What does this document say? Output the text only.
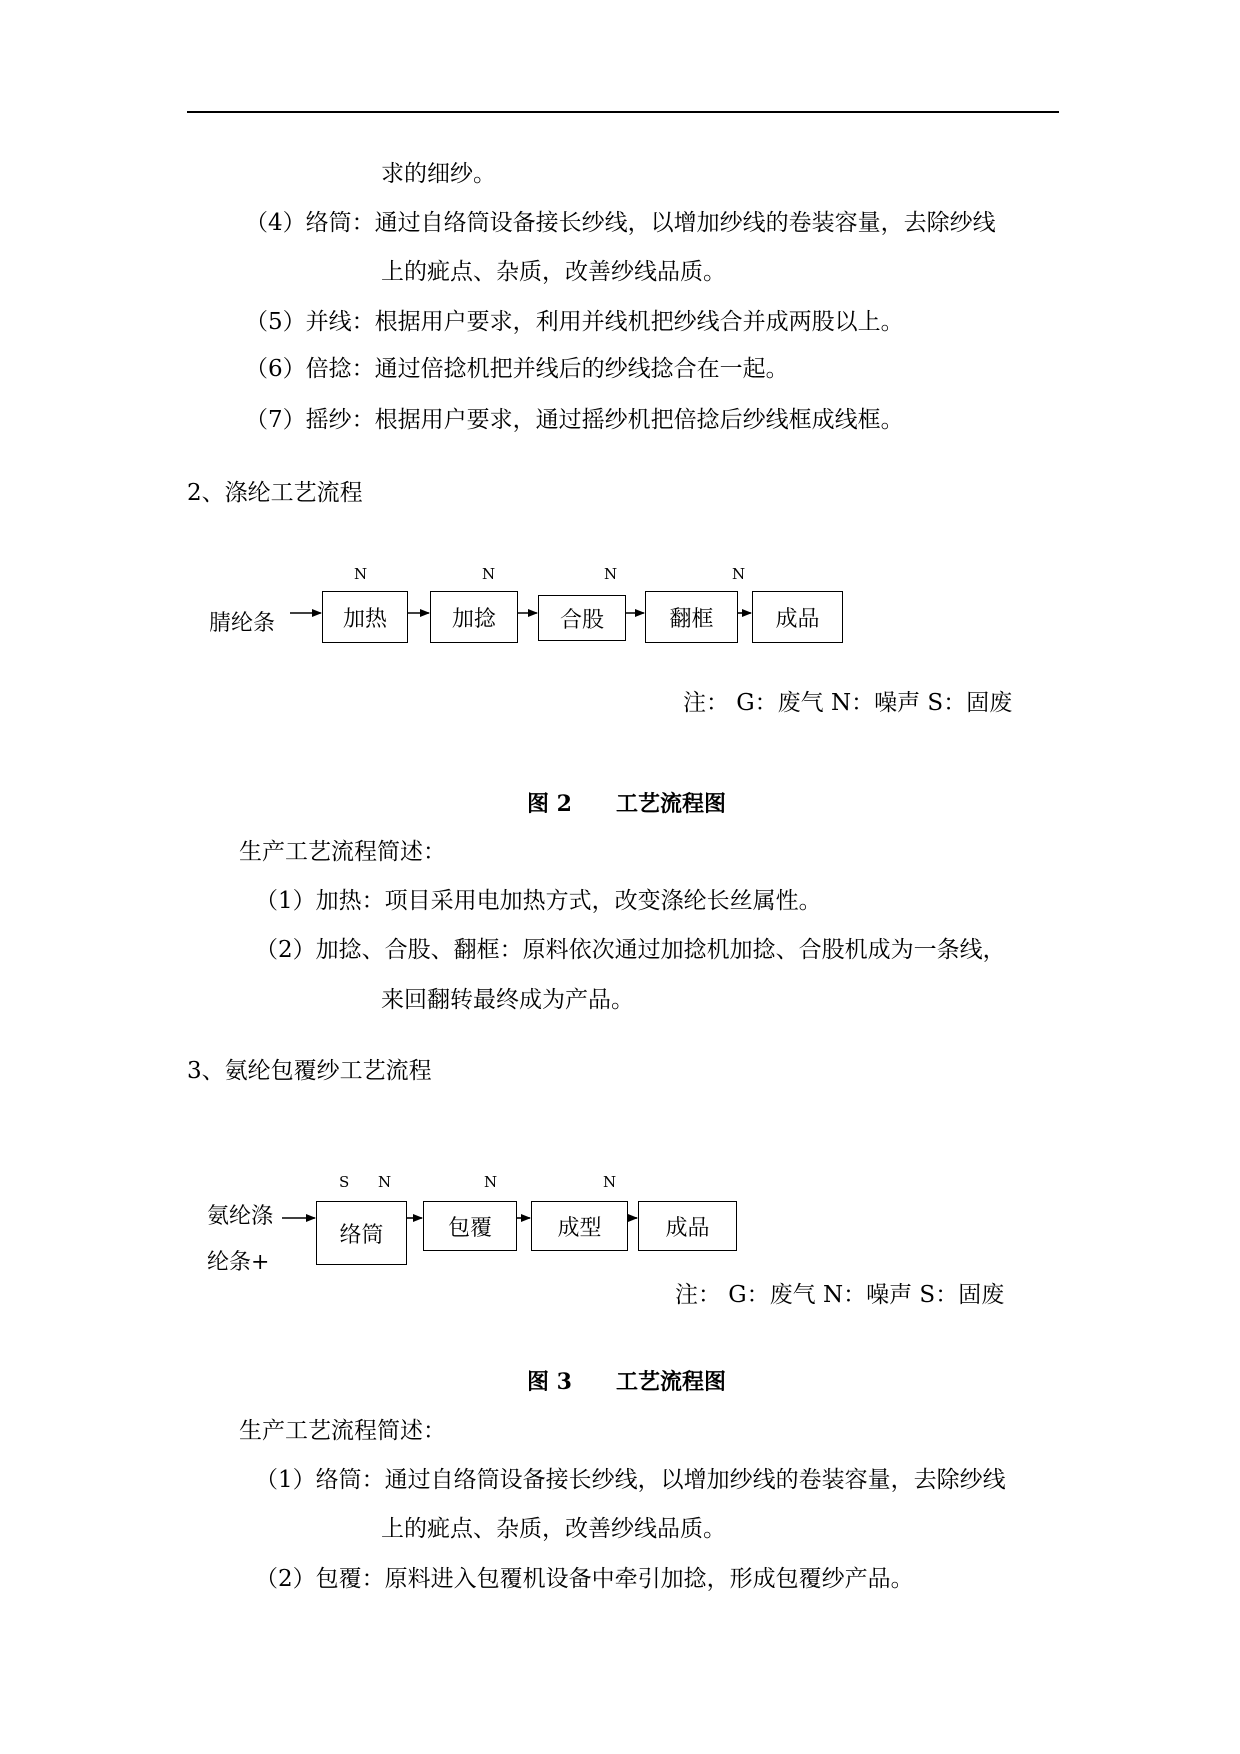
求的细纱。
（4）络筒：通过自络筒设备接长纱线，以增加纱线的卷装容量，去除纱线
上的疵点、杂质，改善纱线品质。
（5）并线：根据用户要求，利用并线机把纱线合并成两股以上。
（6）倍捻：通过倍捻机把并线后的纱线捻合在一起。
（7）摇纱：根据用户要求，通过摇纱机把倍捻后纱线框成线框。
2、涤纶工艺流程
腈纶条
N	N	N	N
加热	加捻	合股	翻框	成品
注： G：废气 N：噪声 S：固废
图 2　　工艺流程图
生产工艺流程简述：
（1）加热：项目采用电加热方式，改变涤纶长丝属性。
（2）加捻、合股、翻框：原料依次通过加捻机加捻、合股机成为一条线，
来回翻转最终成为产品。
3、氨纶包覆纱工艺流程
氨纶涤
纶条+
S N	N	N
络筒	包覆	成型	成品
注： G：废气 N：噪声 S：固废
图 3　　工艺流程图
生产工艺流程简述：
（1）络筒：通过自络筒设备接长纱线，以增加纱线的卷装容量，去除纱线
上的疵点、杂质，改善纱线品质。
（2）包覆：原料进入包覆机设备中牵引加捻，形成包覆纱产品。
